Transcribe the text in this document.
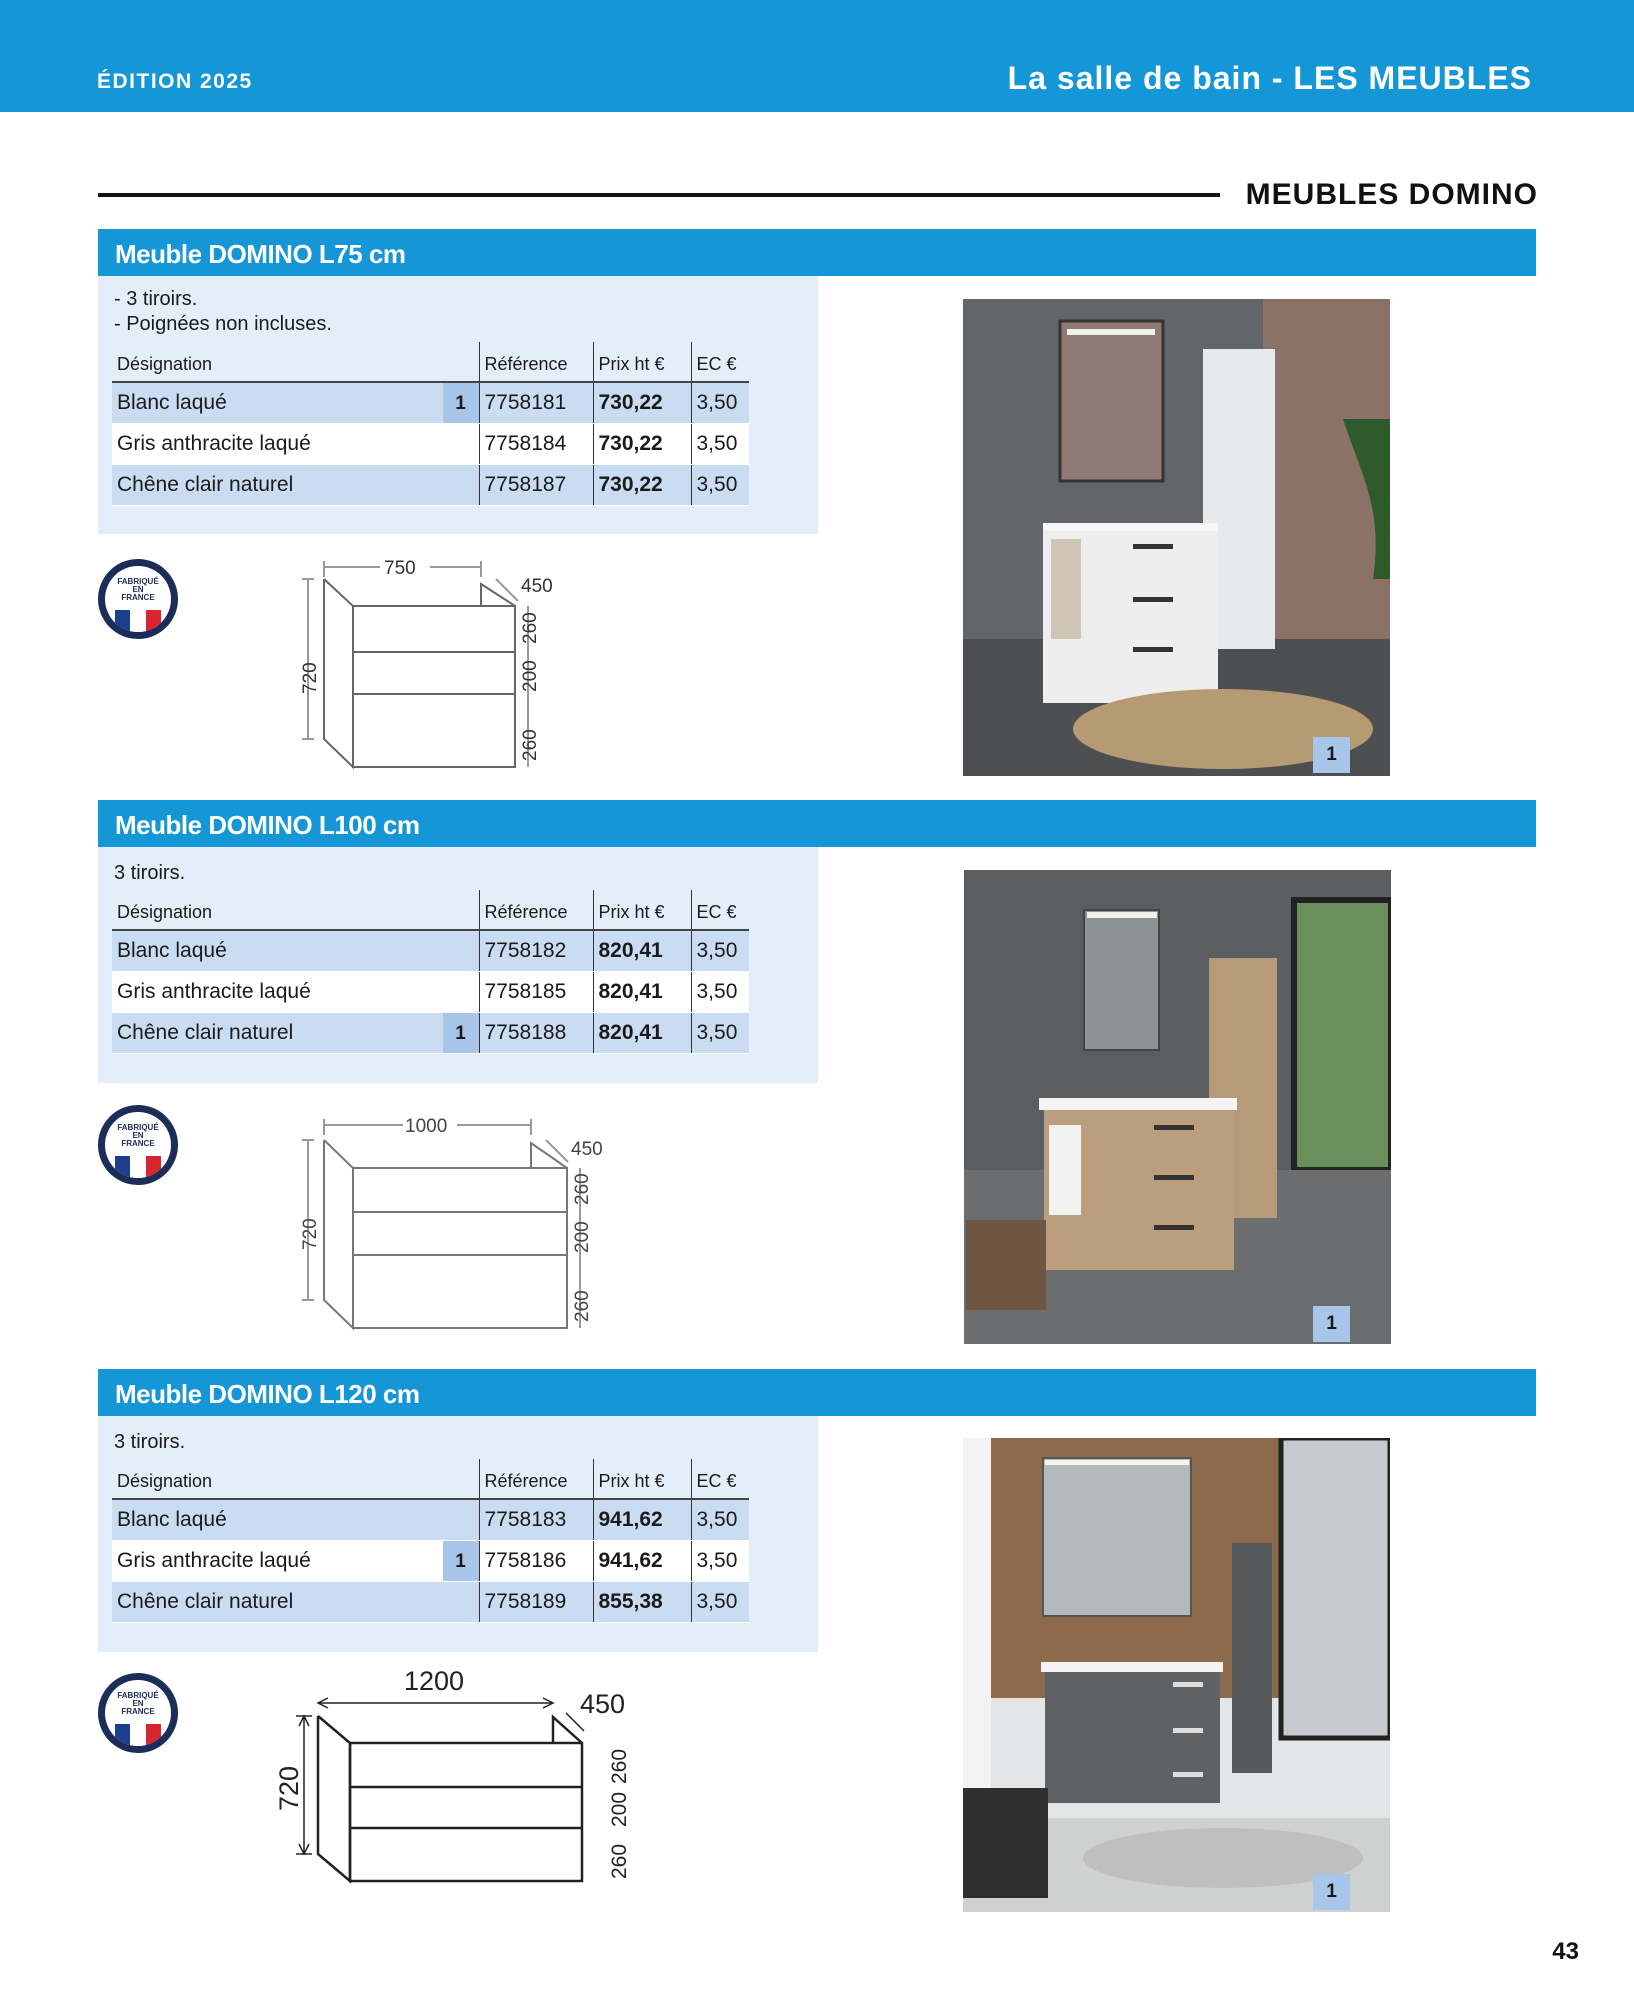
ÉDITION 2025	La salle de bain - LES MEUBLES
MEUBLES DOMINO
Meuble DOMINO L75 cm
- 3 tiroirs.
- Poignées non incluses.
Désignation	Référence	Prix ht €	EC €
Blanc laqué 1	7758181	730,22	3,50
Gris anthracite laqué	7758184	730,22	3,50
Chêne clair naturel	7758187	730,22	3,50
FABRIQUÉ
EN
FRANCE
750
450
720
260
200
260	1
Meuble DOMINO L100 cm
3 tiroirs.
Désignation	Référence	Prix ht €	EC €
Blanc laqué	7758182	820,41	3,50
Gris anthracite laqué	7758185	820,41	3,50
Chêne clair naturel 1	7758188	820,41	3,50
FABRIQUÉ
EN
FRANCE
1000
450
720
260
200
260
1
Meuble DOMINO L120 cm
3 tiroirs.
Désignation	Référence	Prix ht €	EC €
Blanc laqué	7758183	941,62	3,50
Gris anthracite laqué 1	7758186	941,62	3,50
Chêne clair naturel	7758189	855,38	3,50
FABRIQUÉ
EN
FRANCE
1200
450
720	260
200
260
1
43
